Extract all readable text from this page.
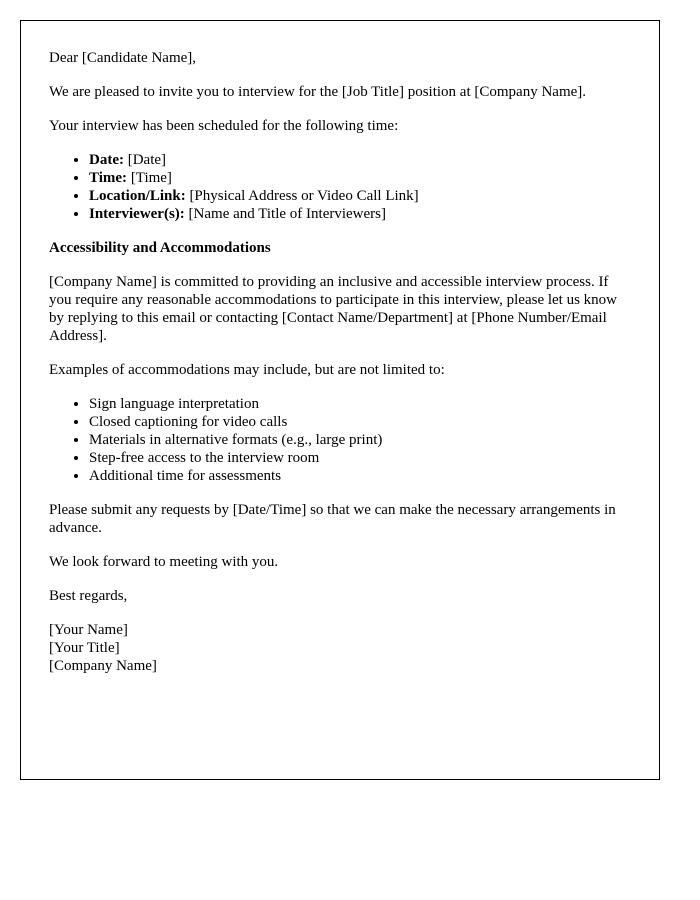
Dear [Candidate Name],

We are pleased to invite you to interview for the [Job Title] position at [Company Name].

Your interview has been scheduled for the following time:

• Date: [Date]
• Time: [Time]
• Location/Link: [Physical Address or Video Call Link]
• Interviewer(s): [Name and Title of Interviewers]

Accessibility and Accommodations

[Company Name] is committed to providing an inclusive and accessible interview process. If you require any reasonable accommodations to participate in this interview, please let us know by replying to this email or contacting [Contact Name/Department] at [Phone Number/Email Address].

Examples of accommodations may include, but are not limited to:

• Sign language interpretation
• Closed captioning for video calls
• Materials in alternative formats (e.g., large print)
• Step-free access to the interview room
• Additional time for assessments

Please submit any requests by [Date/Time] so that we can make the necessary arrangements in advance.

We look forward to meeting with you.

Best regards,

[Your Name]
[Your Title]
[Company Name]
